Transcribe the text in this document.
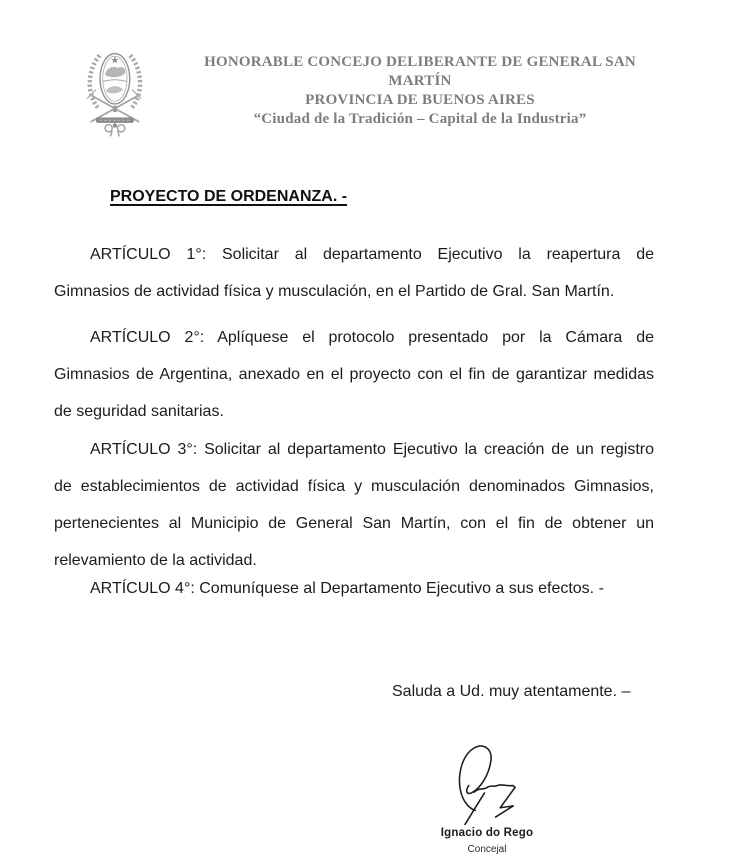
HONORABLE CONCEJO DELIBERANTE DE GENERAL SAN
MARTÍN
PROVINCIA DE BUENOS AIRES
“Ciudad de la Tradición – Capital de la Industria”
PROYECTO DE ORDENANZA. -
ARTÍCULO 1°: Solicitar al departamento Ejecutivo la reapertura de
Gimnasios de actividad física y musculación, en el Partido de Gral. San Martín.
ARTÍCULO 2°: Aplíquese el protocolo presentado por la Cámara de
Gimnasios de Argentina, anexado en el proyecto con el fin de garantizar medidas
de seguridad sanitarias.
ARTÍCULO 3°: Solicitar al departamento Ejecutivo la creación de un registro
de establecimientos de actividad física y musculación denominados Gimnasios,
pertenecientes al Municipio de General San Martín, con el fin de obtener un
relevamiento de la actividad.
ARTÍCULO 4°: Comuníquese al Departamento Ejecutivo a sus efectos. -
Saluda a Ud. muy atentamente. –
Ignacio do Rego
Concejal
